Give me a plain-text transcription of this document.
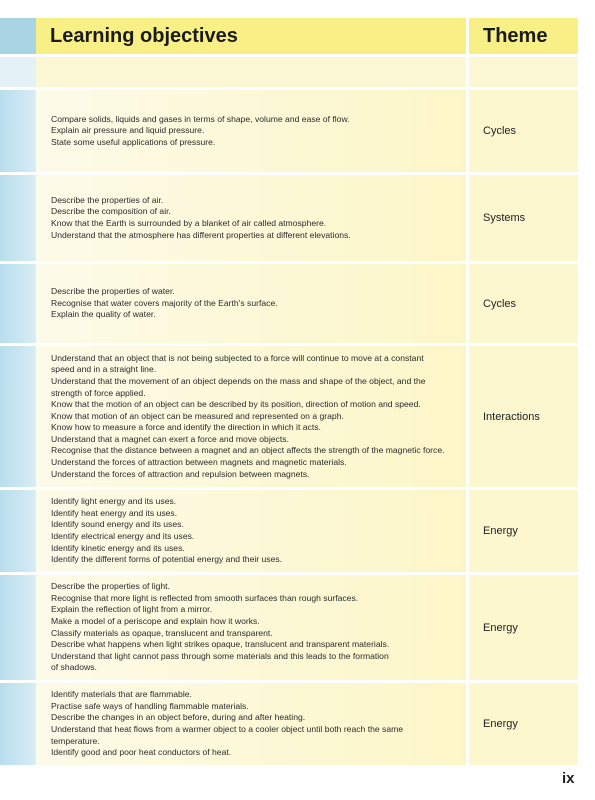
Learning objectives	Theme
Compare solids, liquids and gases in terms of shape, volume and ease of flow.
Explain air pressure and liquid pressure.
State some useful applications of pressure.
Cycles
Describe the properties of air.
Describe the composition of air.
Know that the Earth is surrounded by a blanket of air called atmosphere.
Understand that the atmosphere has different properties at different elevations.
Systems
Describe the properties of water.
Recognise that water covers majority of the Earth's surface.
Explain the quality of water.
Cycles
Understand that an object that is not being subjected to a force will continue to move at a constant
speed and in a straight line.
Understand that the movement of an object depends on the mass and shape of the object, and the
strength of force applied.
Know that the motion of an object can be described by its position, direction of motion and speed.
Know that motion of an object can be measured and represented on a graph.
Know how to measure a force and identify the direction in which it acts.
Understand that a magnet can exert a force and move objects.
Recognise that the distance between a magnet and an object affects the strength of the magnetic force.
Understand the forces of attraction between magnets and magnetic materials.
Understand the forces of attraction and repulsion between magnets.
Interactions
Identify light energy and its uses.
Identify heat energy and its uses.
Identify sound energy and its uses.
Identify electrical energy and its uses.
Identify kinetic energy and its uses.
Identify the different forms of potential energy and their uses.
Energy
Describe the properties of light.
Recognise that more light is reflected from smooth surfaces than rough surfaces.
Explain the reflection of light from a mirror.
Make a model of a periscope and explain how it works.
Classify materials as opaque, translucent and transparent.
Describe what happens when light strikes opaque, translucent and transparent materials.
Understand that light cannot pass through some materials and this leads to the formation
of shadows.
Energy
Identify materials that are flammable.
Practise safe ways of handling flammable materials.
Describe the changes in an object before, during and after heating.
Understand that heat flows from a warmer object to a cooler object until both reach the same
temperature.
Identify good and poor heat conductors of heat.
Energy
ix
